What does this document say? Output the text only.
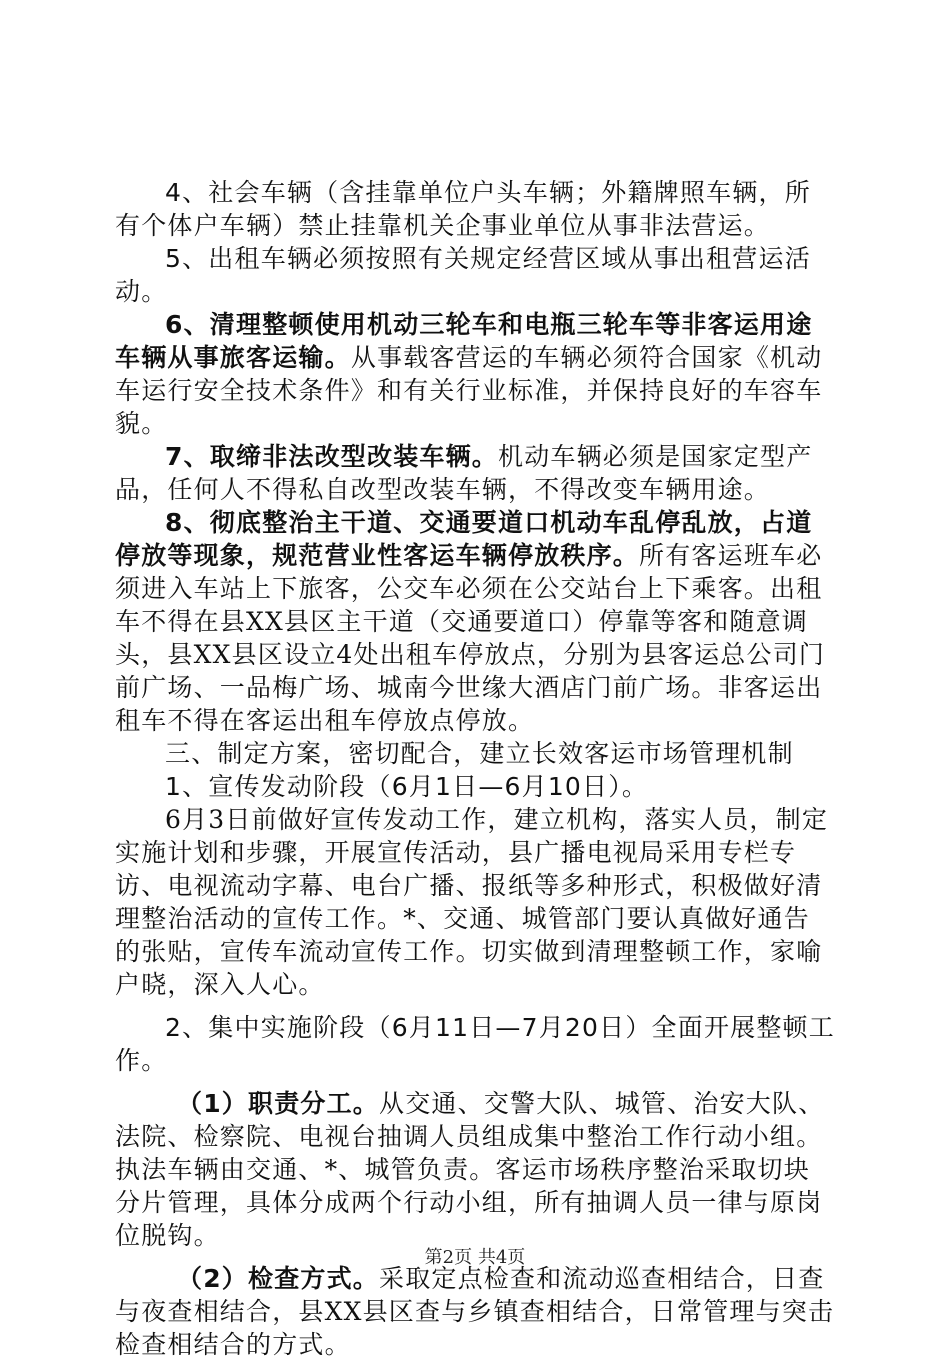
4、社会车辆（含挂靠单位户头车辆；外籍牌照车辆，所有个体户车辆）禁止挂靠机关企事业单位从事非法营运。

5、出租车辆必须按照有关规定经营区域从事出租营运活动。

6、清理整顿使用机动三轮车和电瓶三轮车等非客运用途车辆从事旅客运输。从事载客营运的车辆必须符合国家《机动车运行安全技术条件》和有关行业标准，并保持良好的车容车貌。

7、取缔非法改型改装车辆。机动车辆必须是国家定型产品，任何人不得私自改型改装车辆，不得改变车辆用途。

8、彻底整治主干道、交通要道口机动车乱停乱放，占道停放等现象，规范营业性客运车辆停放秩序。所有客运班车必须进入车站上下旅客，公交车必须在公交站台上下乘客。出租车不得在县XX县区主干道（交通要道口）停靠等客和随意调头，县XX县区设立4处出租车停放点，分别为县客运总公司门前广场、一品梅广场、城南今世缘大酒店门前广场。非客运出租车不得在客运出租车停放点停放。

三、制定方案，密切配合，建立长效客运市场管理机制

1、宣传发动阶段（6月1日—6月10日）。

6月3日前做好宣传发动工作，建立机构，落实人员，制定实施计划和步骤，开展宣传活动，县广播电视局采用专栏专访、电视流动字幕、电台广播、报纸等多种形式，积极做好清理整治活动的宣传工作。*、交通、城管部门要认真做好通告的张贴，宣传车流动宣传工作。切实做到清理整顿工作，家喻户晓，深入人心。

2、集中实施阶段（6月11日—7月20日）全面开展整顿工作。

（1）职责分工。从交通、交警大队、城管、治安大队、法院、检察院、电视台抽调人员组成集中整治工作行动小组。执法车辆由交通、*、城管负责。客运市场秩序整治采取切块分片管理，具体分成两个行动小组，所有抽调人员一律与原岗位脱钩。

（2）检查方式。采取定点检查和流动巡查相结合，日查与夜查相结合，县XX县区查与乡镇查相结合，日常管理与突击检查相结合的方式。

第2页 共4页
